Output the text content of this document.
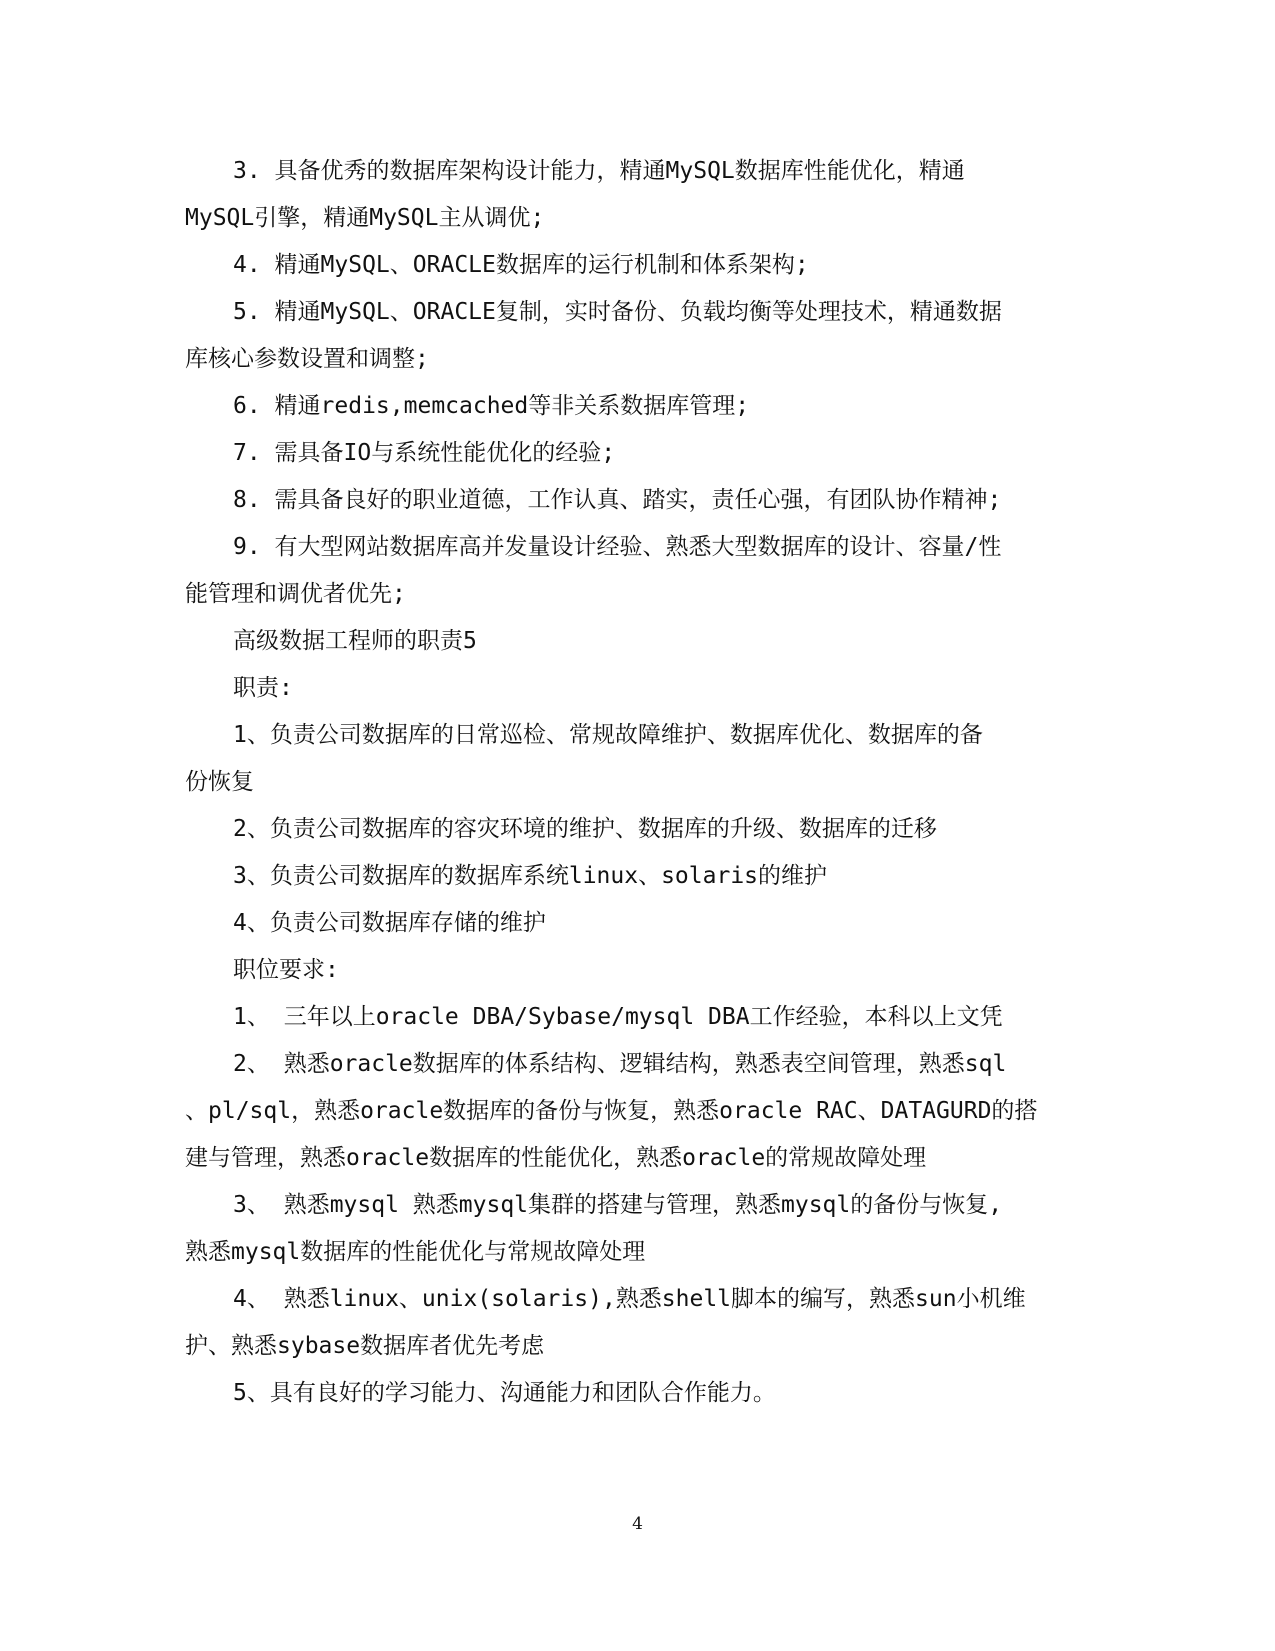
3. 具备优秀的数据库架构设计能力，精通MySQL数据库性能优化，精通
MySQL引擎，精通MySQL主从调优;
4. 精通MySQL、ORACLE数据库的运行机制和体系架构;
5. 精通MySQL、ORACLE复制，实时备份、负载均衡等处理技术，精通数据
库核心参数设置和调整;
6. 精通redis,memcached等非关系数据库管理;
7. 需具备IO与系统性能优化的经验;
8. 需具备良好的职业道德，工作认真、踏实，责任心强，有团队协作精神;
9. 有大型网站数据库高并发量设计经验、熟悉大型数据库的设计、容量/性
能管理和调优者优先;
高级数据工程师的职责5
职责:
1、负责公司数据库的日常巡检、常规故障维护、数据库优化、数据库的备
份恢复
2、负责公司数据库的容灾环境的维护、数据库的升级、数据库的迁移
3、负责公司数据库的数据库系统linux、solaris的维护
4、负责公司数据库存储的维护
职位要求:
1、 三年以上oracle DBA/Sybase/mysql DBA工作经验，本科以上文凭
2、 熟悉oracle数据库的体系结构、逻辑结构，熟悉表空间管理，熟悉sql
、pl/sql，熟悉oracle数据库的备份与恢复，熟悉oracle RAC、DATAGURD的搭
建与管理，熟悉oracle数据库的性能优化，熟悉oracle的常规故障处理
3、 熟悉mysql 熟悉mysql集群的搭建与管理，熟悉mysql的备份与恢复,
熟悉mysql数据库的性能优化与常规故障处理
4、 熟悉linux、unix(solaris),熟悉shell脚本的编写，熟悉sun小机维
护、熟悉sybase数据库者优先考虑
5、具有良好的学习能力、沟通能力和团队合作能力。
4
